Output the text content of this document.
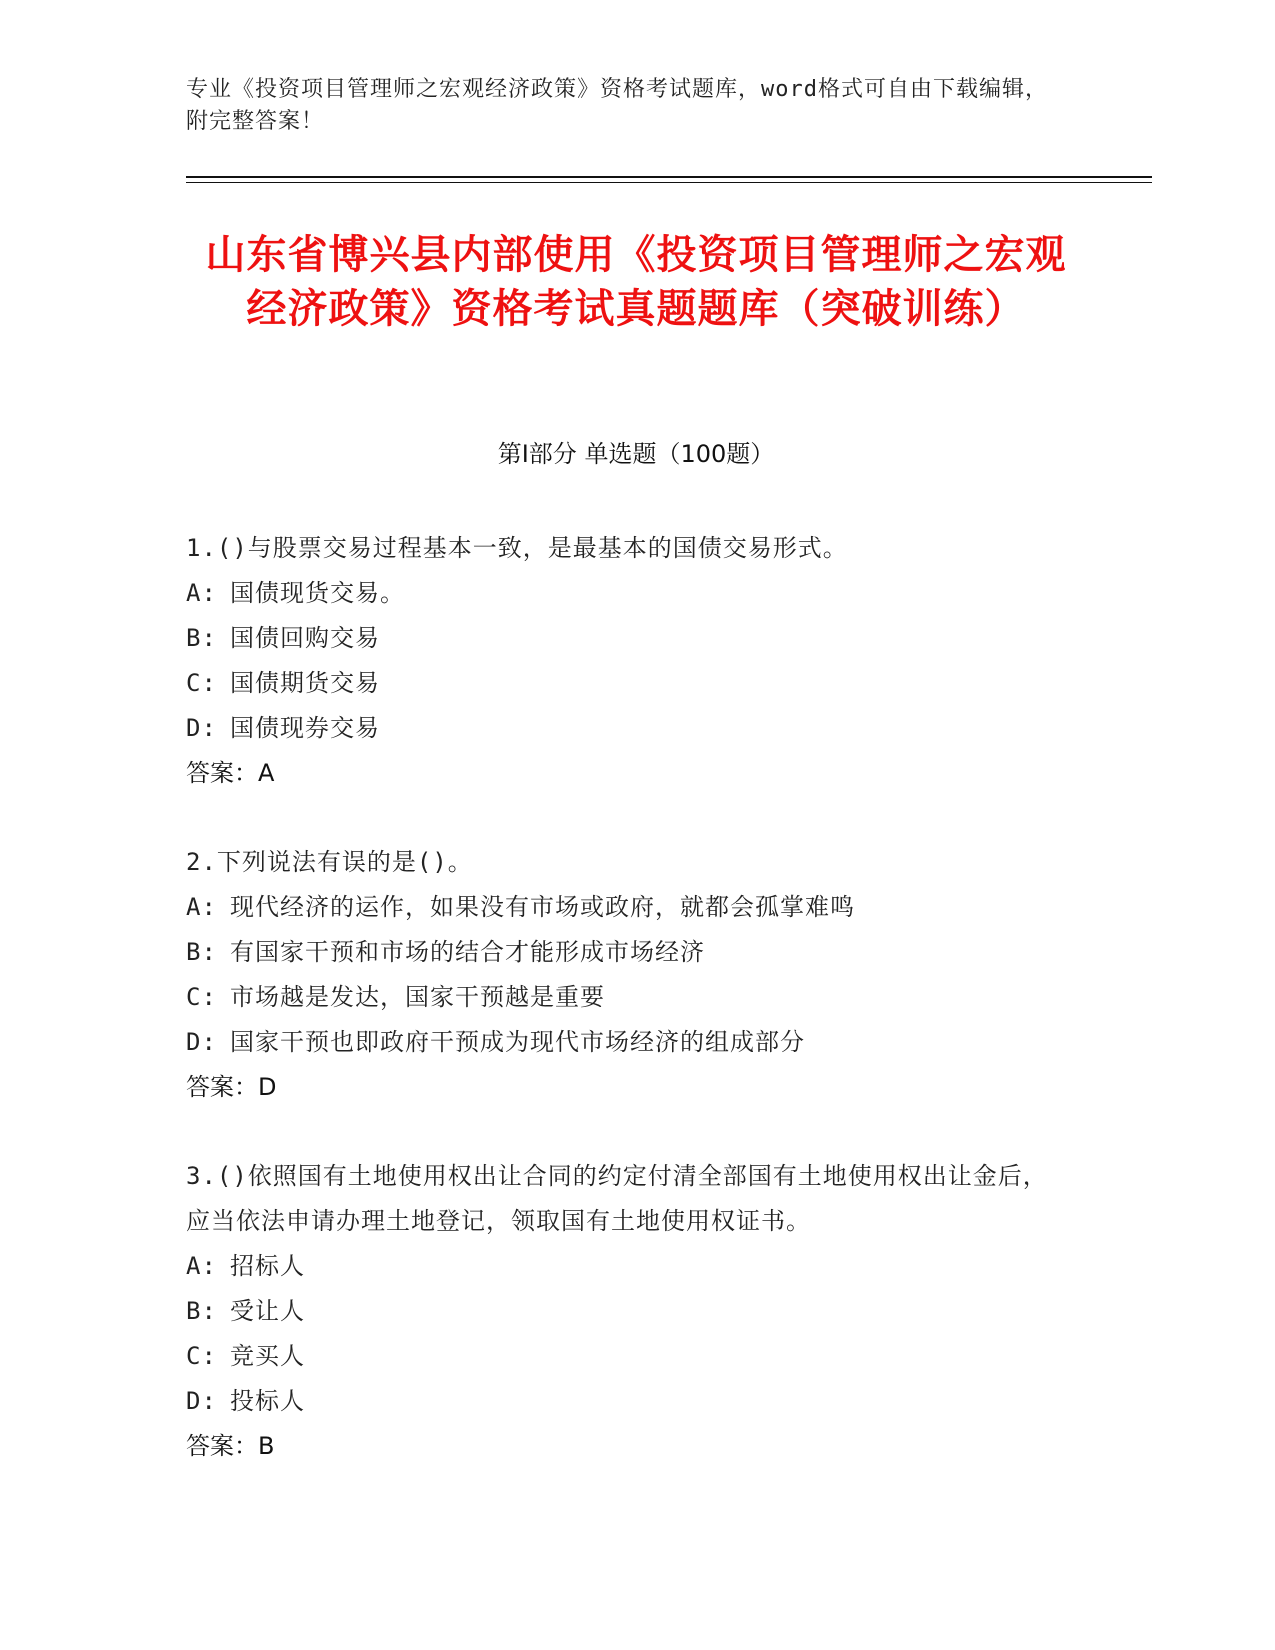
专业《投资项目管理师之宏观经济政策》资格考试题库，word格式可自由下载编辑，附完整答案！
山东省博兴县内部使用《投资项目管理师之宏观经济政策》资格考试真题题库（突破训练）
第I部分 单选题（100题）
1.()与股票交易过程基本一致，是最基本的国债交易形式。
A: 国债现货交易。
B: 国债回购交易
C: 国债期货交易
D: 国债现券交易
答案：A
2.下列说法有误的是()。
A: 现代经济的运作，如果没有市场或政府，就都会孤掌难鸣
B: 有国家干预和市场的结合才能形成市场经济
C: 市场越是发达，国家干预越是重要
D: 国家干预也即政府干预成为现代市场经济的组成部分
答案：D
3.()依照国有土地使用权出让合同的约定付清全部国有土地使用权出让金后，应当依法申请办理土地登记，领取国有土地使用权证书。
A: 招标人
B: 受让人
C: 竞买人
D: 投标人
答案：B
